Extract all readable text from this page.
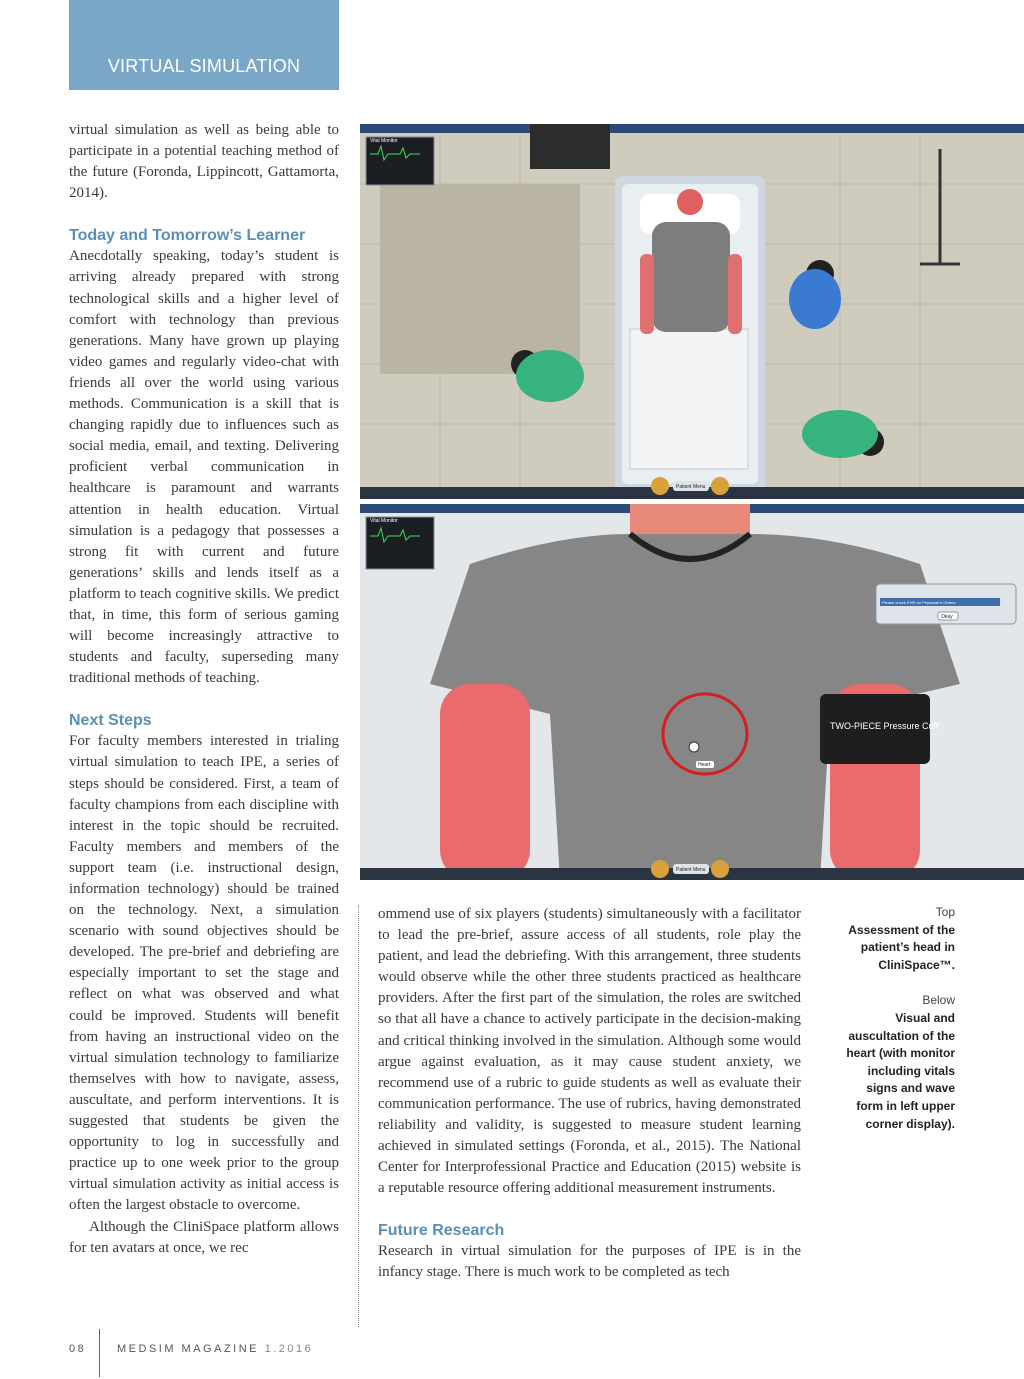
VIRTUAL SIMULATION
Vital Monitor
Patient Menu
TWO-PIECE Pressure Cuff
Heart
Vital Monitor
Please check EHR for Physician's Orders
Okay
Patient Menu

virtual simulation as well as being able to participate in a potential teaching method of the future (Foronda, Lippincott, Gattamorta, 2014).

Today and Tomorrow’s Learner

Anecdotally speaking, today’s student is arriving already prepared with strong technological skills and a higher level of comfort with technology than previous generations. Many have grown up playing video games and regularly video-chat with friends all over the world using various methods. Communication is a skill that is changing rapidly due to influences such as social media, email, and texting. Delivering proficient verbal communication in healthcare is paramount and warrants attention in health education. Virtual simulation is a pedagogy that possesses a strong fit with current and future generations’ skills and lends itself as a platform to teach cognitive skills. We predict that, in time, this form of serious gaming will become increasingly attractive to students and faculty, superseding many traditional methods of teaching.

Next Steps

For faculty members interested in trialing virtual simulation to teach IPE, a series of steps should be considered. First, a team of faculty champions from each discipline with interest in the topic should be recruited. Faculty members and members of the support team (i.e. instructional design, information technology) should be trained on the technology. Next, a simulation scenario with sound objectives should be developed. The pre-brief and debriefing are especially important to set the stage and reflect on what was observed and what could be improved. Students will benefit from having an instructional video on the virtual simulation technology to familiarize themselves with how to navigate, assess, auscultate, and perform interventions. It is suggested that students be given the opportunity to log in successfully and practice up to one week prior to the group virtual simulation activity as initial access is often the largest obstacle to overcome.

Although the CliniSpace platform allows for ten avatars at once, we rec

ommend use of six players (students) simultaneously with a facilitator to lead the pre-brief, assure access of all students, role play the patient, and lead the debriefing. With this arrangement, three students would observe while the other three students practiced as healthcare providers. After the first part of the simulation, the roles are switched so that all have a chance to actively participate in the decision-making and critical thinking involved in the simulation. Although some would argue against evaluation, as it may cause student anxiety, we recommend use of a rubric to guide students as well as evaluate their communication performance. The use of rubrics, having demonstrated reliability and validity, is suggested to measure student learning achieved in simulated settings (Foronda, et al., 2015). The National Center for Interprofessional Practice and Education (2015) website is a reputable resource offering additional measurement instruments.

Future Research

Research in virtual simulation for the purposes of IPE is in the infancy stage. There is much work to be completed as tech

Top
Assessment of the patient’s head in CliniSpace™.
Below
Visual and auscultation of the heart (with monitor including vitals signs and wave form in left upper corner display).
08	MEDSIM MAGAZINE 1.2016
